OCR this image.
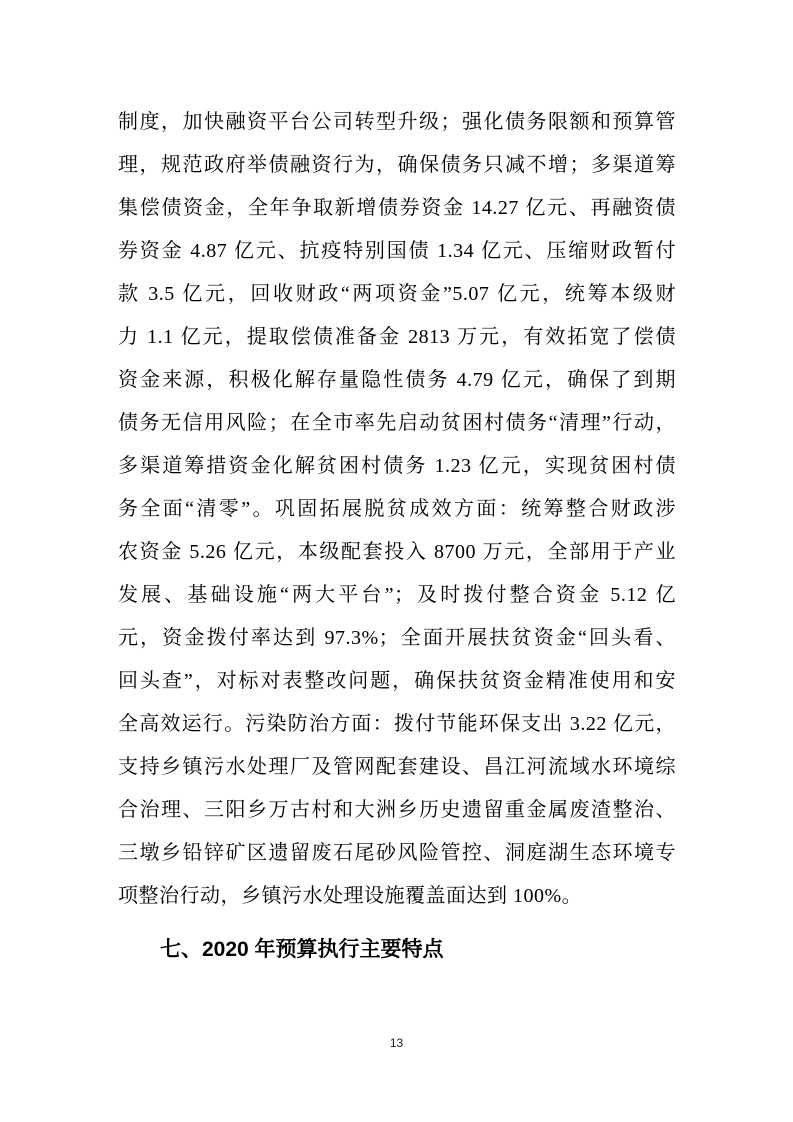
制度，加快融资平台公司转型升级；强化债务限额和预算管
理，规范政府举债融资行为，确保债务只减不增；多渠道筹
集偿债资金，全年争取新增债券资金 14.27 亿元、再融资债
券资金 4.87 亿元、抗疫特别国债 1.34 亿元、压缩财政暂付
款 3.5 亿元，回收财政“两项资金”5.07 亿元，统筹本级财
力 1.1 亿元，提取偿债准备金 2813 万元，有效拓宽了偿债
资金来源，积极化解存量隐性债务 4.79 亿元，确保了到期
债务无信用风险；在全市率先启动贫困村债务“清理”行动，
多渠道筹措资金化解贫困村债务 1.23 亿元，实现贫困村债
务全面“清零”。巩固拓展脱贫成效方面：统筹整合财政涉
农资金 5.26 亿元，本级配套投入 8700 万元，全部用于产业
发展、基础设施“两大平台”；及时拨付整合资金 5.12 亿
元，资金拨付率达到 97.3%；全面开展扶贫资金“回头看、
回头查”，对标对表整改问题，确保扶贫资金精准使用和安
全高效运行。污染防治方面：拨付节能环保支出 3.22 亿元，
支持乡镇污水处理厂及管网配套建设、昌江河流域水环境综
合治理、三阳乡万古村和大洲乡历史遗留重金属废渣整治、
三墩乡铅锌矿区遗留废石尾砂风险管控、洞庭湖生态环境专
项整治行动，乡镇污水处理设施覆盖面达到 100%。
七、2020 年预算执行主要特点
13
